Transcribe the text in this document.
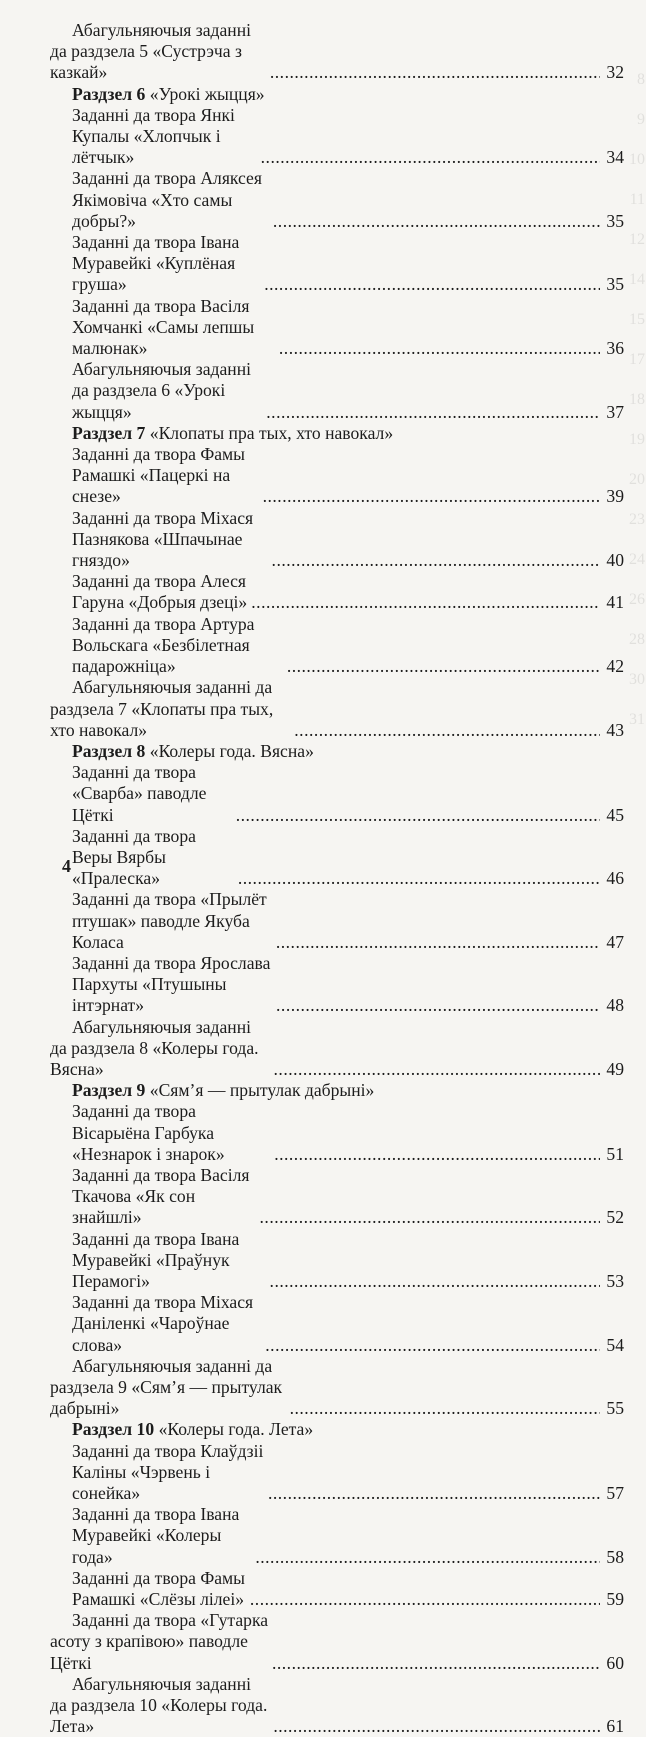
8
9
10
11
12
14
15
17
18
19
20
23
24
26
28
30
31
Абагульняючыя заданні да раздзела 5 «Сустрэча з казкай» .....	32
Раздзел 6 «Урокі жыцця»
Заданні да твора Янкі Купалы «Хлопчык і лётчык» .....	34
Заданні да твора Аляксея Якімовіча «Хто самы добры?» .....	35
Заданні да твора Івана Муравейкі «Куплёная груша» .....	35
Заданні да твора Васіля Хомчанкі «Самы лепшы малюнак» .....	36
Абагульняючыя заданні да раздзела 6 «Урокі жыцця» .....	37
Раздзел 7 «Клопаты пра тых, хто навокал»
Заданні да твора Фамы Рамашкі «Пацеркі на снезе» .....	39
Заданні да твора Міхася Пазнякова «Шпачынае гняздо» .....	40
Заданні да твора Алеся Гаруна «Добрыя дзеці» .....	41
Заданні да твора Артура Вольскага «Безбілетная падарожніца» .....	42
Абагульняючыя заданні да раздзела 7 «Клопаты пра тых, хто навокал» .....	43
Раздзел 8 «Колеры года. Вясна»
Заданні да твора «Сварба» паводле Цёткі .....	45
Заданні да твора Веры Вярбы «Пралеска» .....	46
Заданні да твора «Прылёт птушак» паводле Якуба Коласа .....	47
Заданні да твора Ярослава Пархуты «Птушыны інтэрнат» .....	48
Абагульняючыя заданні да раздзела 8 «Колеры года. Вясна» .....	49
Раздзел 9 «Сям’я — прытулак дабрыні»
Заданні да твора Вісарыёна Гарбука «Незнарок і знарок» .....	51
Заданні да твора Васіля Ткачова «Як сон знайшлі» .....	52
Заданні да твора Івана Муравейкі «Праўнук Перамогі» .....	53
Заданні да твора Міхася Даніленкі «Чароўнае слова» .....	54
Абагульняючыя заданні да раздзела 9 «Сям’я — прытулак дабрыні» .....	55
Раздзел 10 «Колеры года. Лета»
Заданні да твора Клаўдзіі Каліны «Чэрвень і сонейка» .....	57
Заданні да твора Івана Муравейкі «Колеры года» .....	58
Заданні да твора Фамы Рамашкі «Слёзы лілеі» .....	59
Заданні да твора «Гутарка асоту з крапівою» паводле Цёткі .....	60
Абагульняючыя заданні да раздзела 10 «Колеры года. Лета» .....	61
4
